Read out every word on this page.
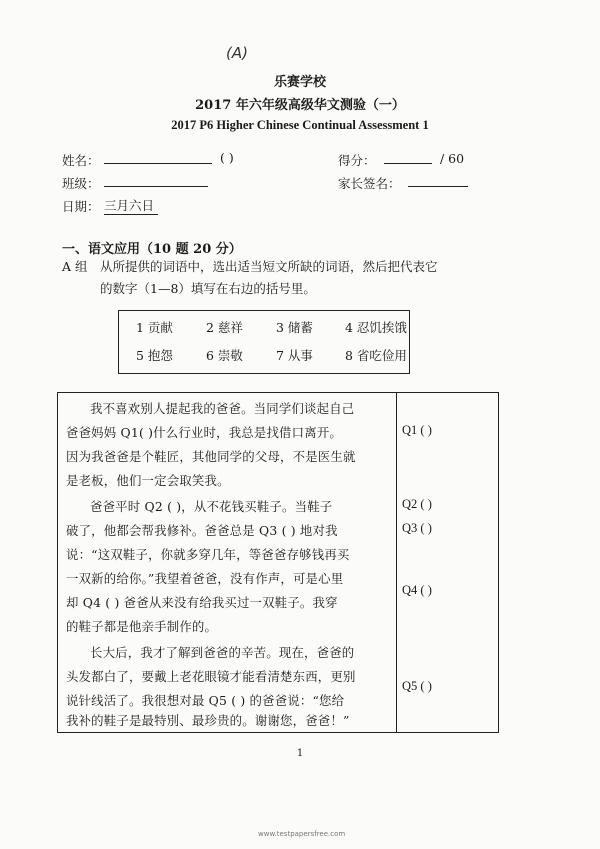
(A)
乐赛学校
2017 年六年级高级华文测验（一）
2017 P6 Higher Chinese Continual Assessment 1
姓名：	( )	得分：	/ 60
班级：	家长签名：
日期： 三月六日
一、语文应用（10 题 20 分）
A 组 从所提供的词语中，选出适当短文所缺的词语，然后把代表它
的数字（1—8）填写在右边的括号里。
1 贡献	2 慈祥	3 储蓄	4 忍饥挨饿
5 抱怨	6 崇敬	7 从事	8 省吃俭用
我不喜欢别人提起我的爸爸。当同学们谈起自己
爸爸妈妈 Q1( )什么行业时，我总是找借口离开。
因为我爸爸是个鞋匠，其他同学的父母，不是医生就
是老板，他们一定会取笑我。
爸爸平时 Q2 ( )，从不花钱买鞋子。当鞋子
破了，他都会帮我修补。爸爸总是 Q3 ( ) 地对我
说：“这双鞋子，你就多穿几年，等爸爸存够钱再买
一双新的给你。”我望着爸爸，没有作声，可是心里
却 Q4 ( ) 爸爸从来没有给我买过一双鞋子。我穿
的鞋子都是他亲手制作的。
长大后，我才了解到爸爸的辛苦。现在，爸爸的
头发都白了，要戴上老花眼镜才能看清楚东西，更别
说针线活了。我很想对最 Q5 ( ) 的爸爸说：“您给
我补的鞋子是最特別、最珍贵的。谢谢您，爸爸！”
Q1 ( )
Q2 ( )
Q3 ( )
Q4 ( )
Q5 ( )
1
www.testpapersfree.com
